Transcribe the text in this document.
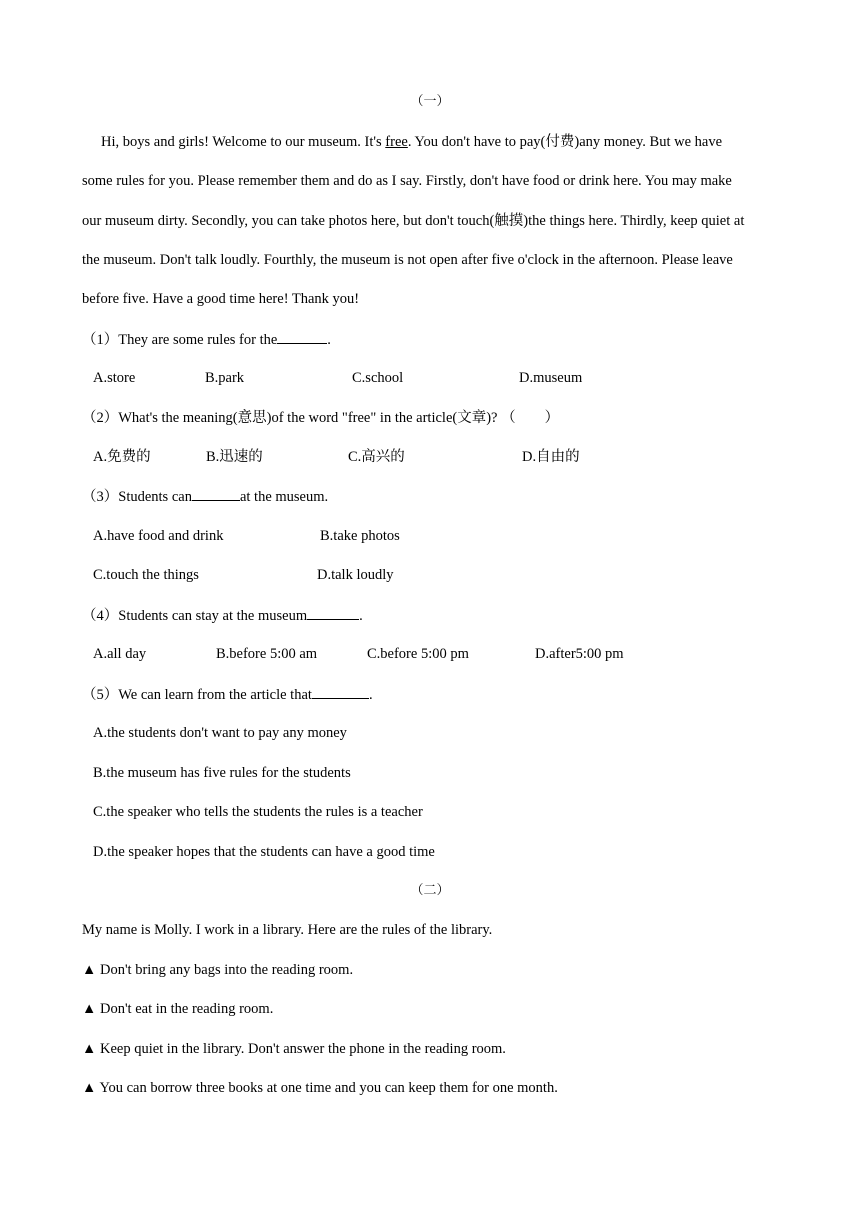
（一）
Hi, boys and girls! Welcome to our museum. It's free. You don't have to pay(付费)any money. But we have
some rules for you. Please remember them and do as I say. Firstly, don't have food or drink here. You may make
our museum dirty. Secondly, you can take photos here, but don't touch(触摸)the things here. Thirdly, keep quiet at
the museum. Don't talk loudly. Fourthly, the museum is not open after five o'clock in the afternoon. Please leave
before five. Have a good time here! Thank you!
（1）They are some rules for the	.
A.store	B.park	C.school	D.museum
（2）What's the meaning(意思)of the word "free" in the article(文章)? （　　）
A.免费的	B.迅速的	C.高兴的	D.自由的
（3）Students can	at the museum.
A.have food and drink	B.take photos
C.touch the things	D.talk loudly
（4）Students can stay at the museum	.
A.all day	B.before 5:00 am	C.before 5:00 pm	D.after5:00 pm
（5）We can learn from the article that	.
A.the students don't want to pay any money
B.the museum has five rules for the students
C.the speaker who tells the students the rules is a teacher
D.the speaker hopes that the students can have a good time
（二）
My name is Molly. I work in a library. Here are the rules of the library.
▲ Don't bring any bags into the reading room.
▲ Don't eat in the reading room.
▲ Keep quiet in the library. Don't answer the phone in the reading room.
▲ You can borrow three books at one time and you can keep them for one month.
